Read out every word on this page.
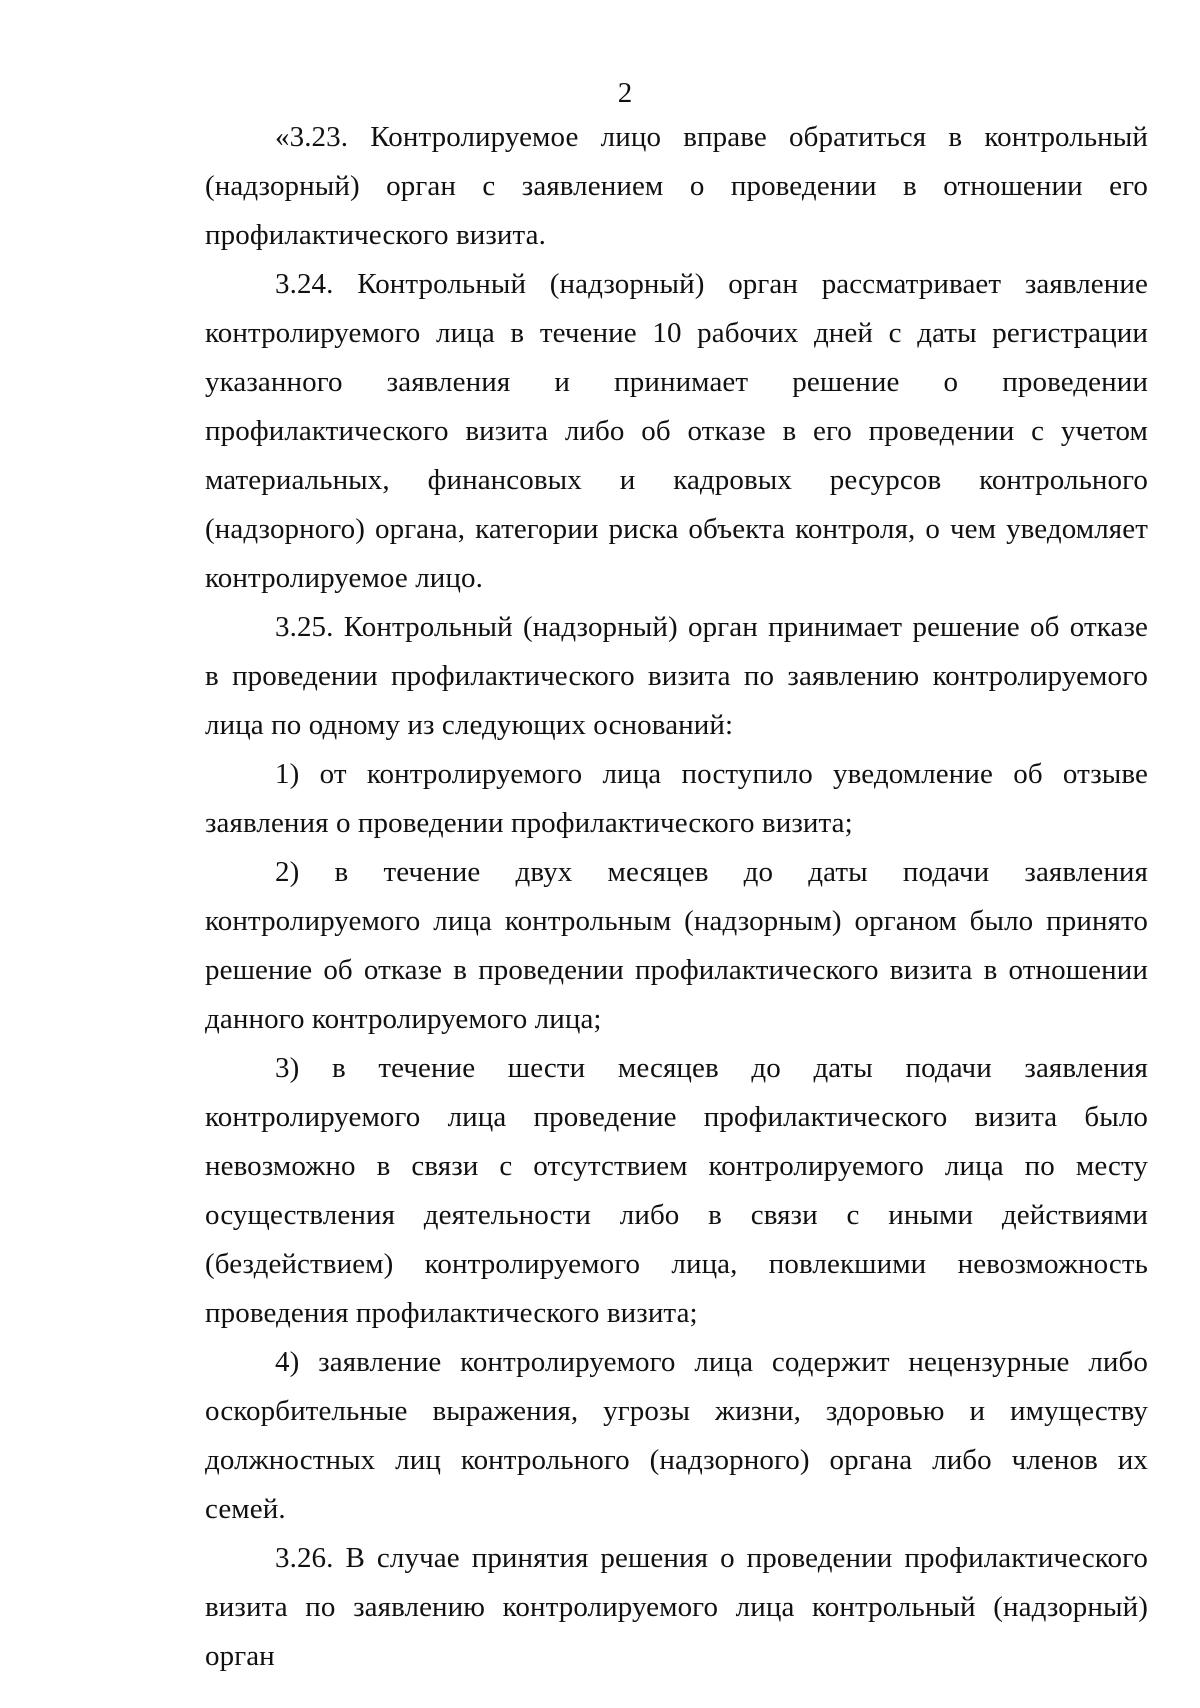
2

«3.23. Контролируемое лицо вправе обратиться в контрольный (надзорный) орган с заявлением о проведении в отношении его профилактического визита.

3.24. Контрольный (надзорный) орган рассматривает заявление контролируемого лица в течение 10 рабочих дней с даты регистрации указанного заявления и принимает решение о проведении профилактического визита либо об отказе в его проведении с учетом материальных, финансовых и кадровых ресурсов контрольного (надзорного) органа, категории риска объекта контроля, о чем уведомляет контролируемое лицо.

3.25. Контрольный (надзорный) орган принимает решение об отказе в проведении профилактического визита по заявлению контролируемого лица по одному из следующих оснований:

1) от контролируемого лица поступило уведомление об отзыве заявления о проведении профилактического визита;

2) в течение двух месяцев до даты подачи заявления контролируемого лица контрольным (надзорным) органом было принято решение об отказе в проведении профилактического визита в отношении данного контролируемого лица;

3) в течение шести месяцев до даты подачи заявления контролируемого лица проведение профилактического визита было невозможно в связи с отсутствием контролируемого лица по месту осуществления деятельности либо в связи с иными действиями (бездействием) контролируемого лица, повлекшими невозможность проведения профилактического визита;

4) заявление контролируемого лица содержит нецензурные либо оскорбительные выражения, угрозы жизни, здоровью и имуществу должностных лиц контрольного (надзорного) органа либо членов их семей.

3.26. В случае принятия решения о проведении профилактического визита по заявлению контролируемого лица контрольный (надзорный) орган
